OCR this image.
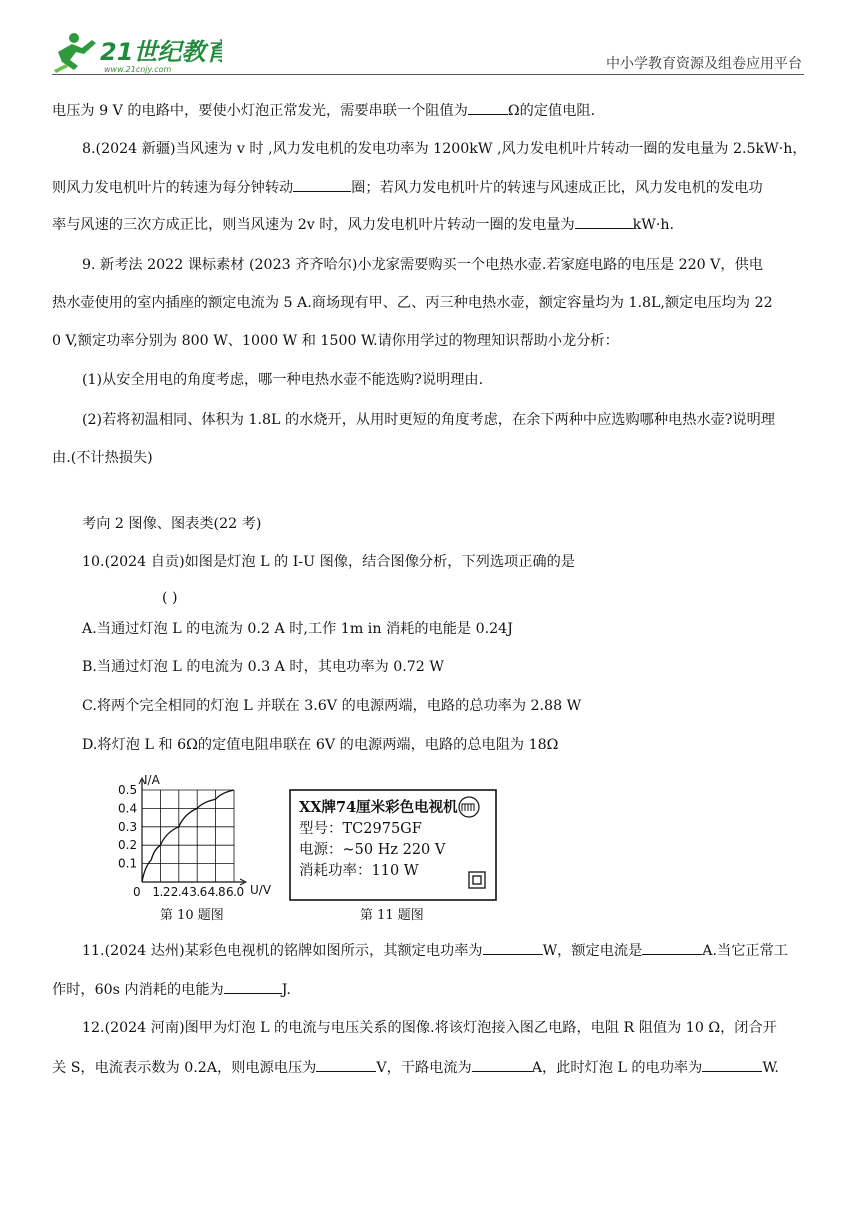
21世纪教育
www.21cnjy.com	中小学教育资源及组卷应用平台
电压为 9 V 的电路中，要使小灯泡正常发光，需要串联一个阻值为	Ω的定值电阻.
8.(2024 新疆)当风速为 v 时 ,风力发电机的发电功率为 1200kW ,风力发电机叶片转动一圈的发电量为 2.5kW·h，
则风力发电机叶片的转速为每分钟转动	圈；若风力发电机叶片的转速与风速成正比，风力发电机的发电功
率与风速的三次方成正比，则当风速为 2v 时，风力发电机叶片转动一圈的发电量为	kW·h.
9. 新考法 2022 课标素材 (2023 齐齐哈尔)小龙家需要购买一个电热水壶.若家庭电路的电压是 220 V，供电
热水壶使用的室内插座的额定电流为 5 A.商场现有甲、乙、丙三种电热水壶，额定容量均为 1.8L,额定电压均为 22
0 V,额定功率分别为 800 W、1000 W 和 1500 W.请你用学过的物理知识帮助小龙分析：
(1)从安全用电的角度考虑，哪一种电热水壶不能选购?说明理由.
(2)若将初温相同、体积为 1.8L 的水烧开，从用时更短的角度考虑，在余下两种中应选购哪种电热水壶?说明理
由.(不计热损失)
考向 2 图像、图表类(22 考)
10.(2024 自贡)如图是灯泡 L 的 I-U 图像，结合图像分析，下列选项正确的是
( )
A.当通过灯泡 L 的电流为 0.2 A 时,工作 1m in 消耗的电能是 0.24J
B.当通过灯泡 L 的电流为 0.3 A 时，其电功率为 0.72 W
C.将两个完全相同的灯泡 L 并联在 3.6V 的电源两端，电路的总功率为 2.88 W
D.将灯泡 L 和 6Ω的定值电阻串联在 6V 的电源两端，电路的总电阻为 18Ω
I/A
U/V
0.1
0.2
0.3
0.4
0.5
0 1.2 2.4 3.6 4.8 6.0
第 10 题图
XX牌74厘米彩色电视机
型号：TC2975GF
电源：~50 Hz 220 V
消耗功率：110 W
第 11 题图
11.(2024 达州)某彩色电视机的铭牌如图所示，其额定电功率为	W，额定电流是	A.当它正常工
作时，60s 内消耗的电能为	J.
12.(2024 河南)图甲为灯泡 L 的电流与电压关系的图像.将该灯泡接入图乙电路，电阻 R 阻值为 10 Ω，闭合开
关 S，电流表示数为 0.2A，则电源电压为	V，干路电流为	A，此时灯泡 L 的电功率为	W.
